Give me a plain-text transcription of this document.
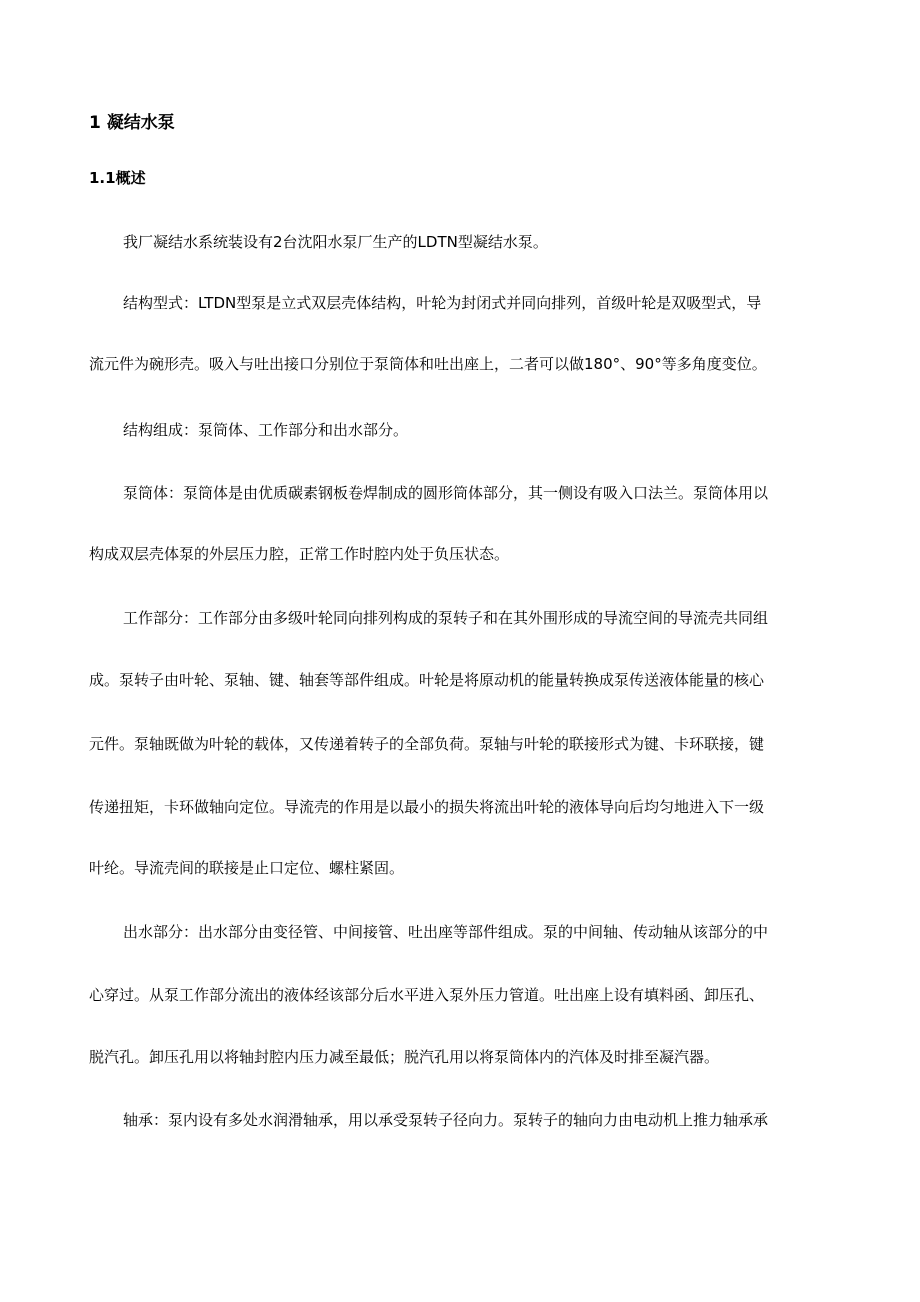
1 凝结水泵
1.1概述
我厂凝结水系统装设有2台沈阳水泵厂生产的LDTN型凝结水泵。
结构型式：LTDN型泵是立式双层壳体结构，叶轮为封闭式并同向排列，首级叶轮是双吸型式，导
流元件为碗形壳。吸入与吐出接口分别位于泵筒体和吐出座上，二者可以做180°、90°等多角度变位。
结构组成：泵筒体、工作部分和出水部分。
泵筒体：泵筒体是由优质碳素钢板卷焊制成的圆形筒体部分，其一侧设有吸入口法兰。泵筒体用以
构成双层壳体泵的外层压力腔，正常工作时腔内处于负压状态。
工作部分：工作部分由多级叶轮同向排列构成的泵转子和在其外围形成的导流空间的导流壳共同组
成。泵转子由叶轮、泵轴、键、轴套等部件组成。叶轮是将原动机的能量转换成泵传送液体能量的核心
元件。泵轴既做为叶轮的载体，又传递着转子的全部负荷。泵轴与叶轮的联接形式为键、卡环联接，键
传递扭矩，卡环做轴向定位。导流壳的作用是以最小的损失将流出叶轮的液体导向后均匀地进入下一级
叶纶。导流壳间的联接是止口定位、螺柱紧固。
出水部分：出水部分由变径管、中间接管、吐出座等部件组成。泵的中间轴、传动轴从该部分的中
心穿过。从泵工作部分流出的液体经该部分后水平进入泵外压力管道。吐出座上设有填料函、卸压孔、
脱汽孔。卸压孔用以将轴封腔内压力减至最低；脱汽孔用以将泵筒体内的汽体及时排至凝汽器。
轴承：泵内设有多处水润滑轴承，用以承受泵转子径向力。泵转子的轴向力由电动机上推力轴承承
